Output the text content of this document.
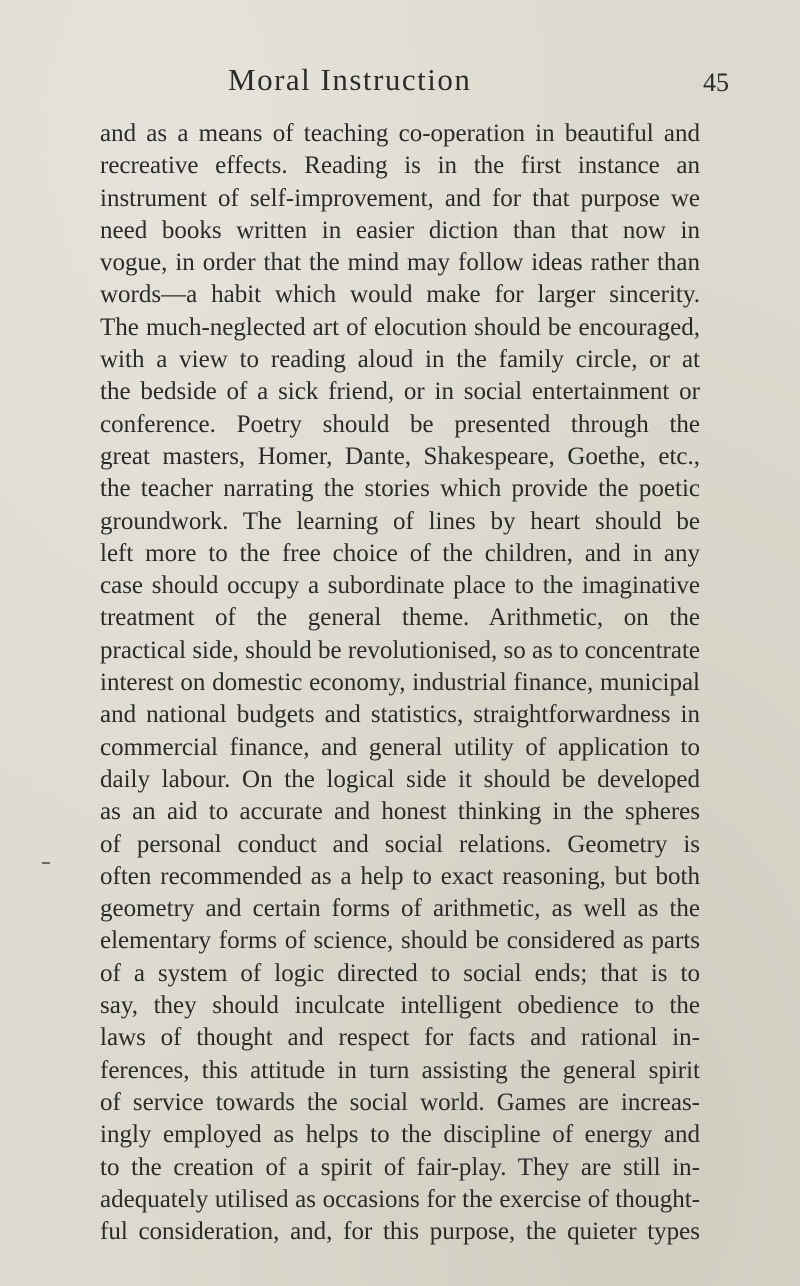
Moral Instruction	45
and as a means of teaching co-operation in beautiful and
recreative effects. Reading is in the first instance an
instrument of self-improvement, and for that purpose we
need books written in easier diction than that now in
vogue, in order that the mind may follow ideas rather than
words—a habit which would make for larger sincerity.
The much-neglected art of elocution should be encouraged,
with a view to reading aloud in the family circle, or at
the bedside of a sick friend, or in social entertainment or
conference. Poetry should be presented through the
great masters, Homer, Dante, Shakespeare, Goethe, etc.,
the teacher narrating the stories which provide the poetic
groundwork. The learning of lines by heart should be
left more to the free choice of the children, and in any
case should occupy a subordinate place to the imaginative
treatment of the general theme. Arithmetic, on the
practical side, should be revolutionised, so as to concentrate
interest on domestic economy, industrial finance, municipal
and national budgets and statistics, straightforwardness in
commercial finance, and general utility of application to
daily labour. On the logical side it should be developed
as an aid to accurate and honest thinking in the spheres
of personal conduct and social relations. Geometry is
often recommended as a help to exact reasoning, but both
geometry and certain forms of arithmetic, as well as the
elementary forms of science, should be considered as parts
of a system of logic directed to social ends; that is to
say, they should inculcate intelligent obedience to the
laws of thought and respect for facts and rational in-
ferences, this attitude in turn assisting the general spirit
of service towards the social world. Games are increas-
ingly employed as helps to the discipline of energy and
to the creation of a spirit of fair-play. They are still in-
adequately utilised as occasions for the exercise of thought-
ful consideration, and, for this purpose, the quieter types
